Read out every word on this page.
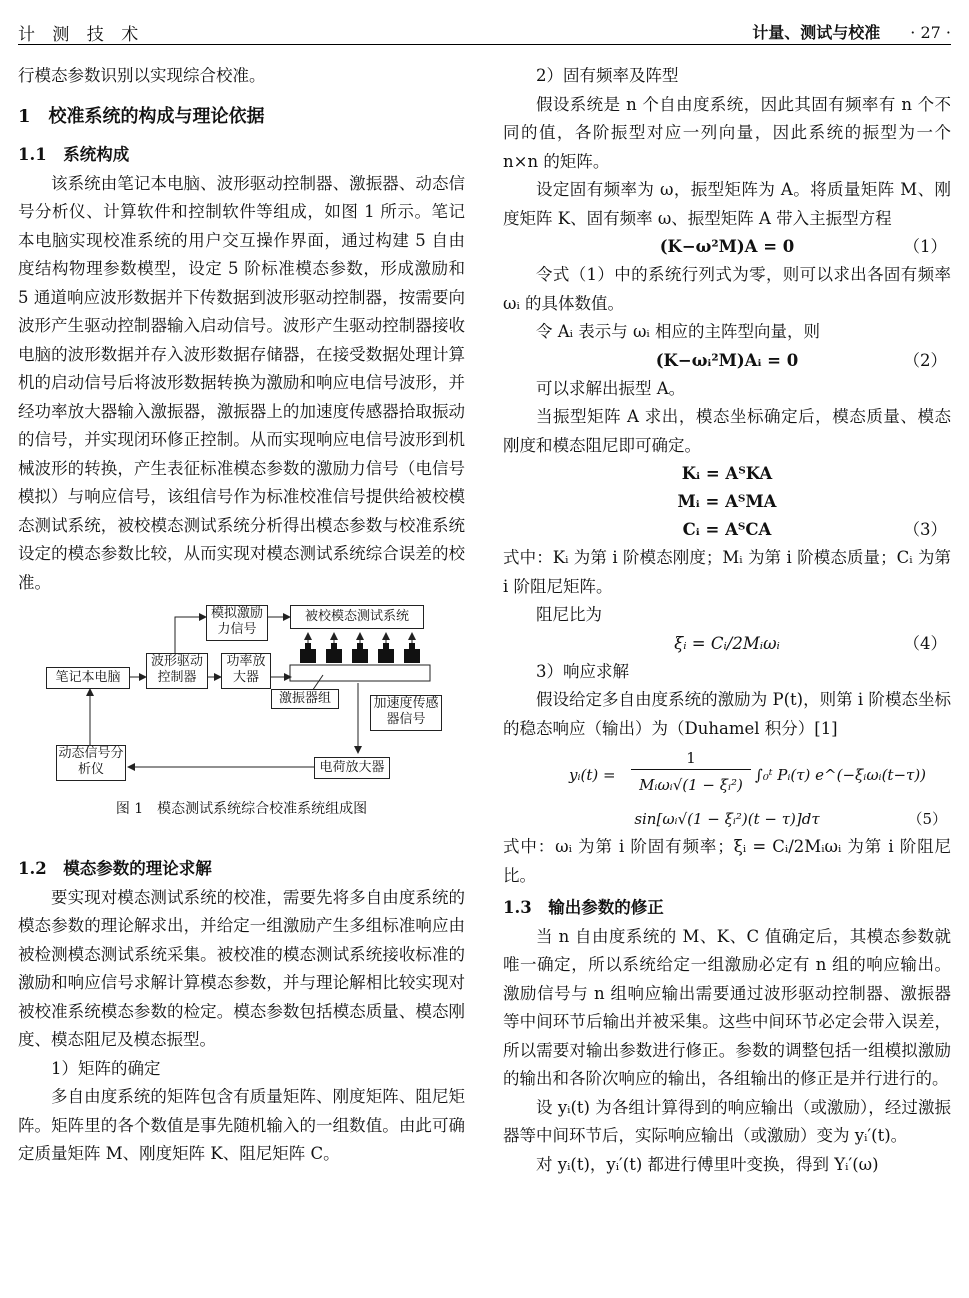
计 测 技 术	计量、测试与校准 · 27 ·

行模态参数识别以实现综合校准。

1　校准系统的构成与理论依据
1.1　系统构成

该系统由笔记本电脑、波形驱动控制器、激振器、动态信号分析仪、计算软件和控制软件等组成，如图 1 所示。笔记本电脑实现校准系统的用户交互操作界面，通过构建 5 自由度结构物理参数模型，设定 5 阶标准模态参数，形成激励和 5 通道响应波形数据并下传数据到波形驱动控制器，按需要向波形产生驱动控制器输入启动信号。波形产生驱动控制器接收电脑的波形数据并存入波形数据存储器，在接受数据处理计算机的启动信号后将波形数据转换为激励和响应电信号波形，并经功率放大器输入激振器，激振器上的加速度传感器拾取振动的信号，并实现闭环修正控制。从而实现响应电信号波形到机械波形的转换，产生表征标准模态参数的激励力信号（电信号模拟）与响应信号，该组信号作为标准校准信号提供给被校模态测试系统，被校模态测试系统分析得出模态参数与校准系统设定的模态参数比较，从而实现对模态测试系统综合误差的校准。

笔记本电脑
波形驱动控制器
模拟激励力信号
被校模态测试系统
功率放大器
激振器组	加速度传感器信号
动态信号分析仪	电荷放大器
图 1　模态测试系统综合校准系统组成图
1.2　模态参数的理论求解

要实现对模态测试系统的校准，需要先将多自由度系统的模态参数的理论解求出，并给定一组激励产生多组标准响应由被检测模态测试系统采集。被校准的模态测试系统接收标准的激励和响应信号求解计算模态参数，并与理论解相比较实现对被校准系统模态参数的检定。模态参数包括模态质量、模态刚度、模态阻尼及模态振型。

1）矩阵的确定

多自由度系统的矩阵包含有质量矩阵、刚度矩阵、阻尼矩阵。矩阵里的各个数值是事先随机输入的一组数值。由此可确定质量矩阵 M、刚度矩阵 K、阻尼矩阵 C。

2）固有频率及阵型

假设系统是 n 个自由度系统，因此其固有频率有 n 个不同的值，各阶振型对应一列向量，因此系统的振型为一个 n×n 的矩阵。

设定固有频率为 ω，振型矩阵为 A。将质量矩阵 M、刚度矩阵 K、固有频率 ω、振型矩阵 A 带入主振型方程

(K−ω²M)A = 0	（1）

令式（1）中的系统行列式为零，则可以求出各固有频率 ωᵢ 的具体数值。

令 Aᵢ 表示与 ωᵢ 相应的主阵型向量，则

(K−ωᵢ²M)Aᵢ = 0	（2）

可以求解出振型 A。

当振型矩阵 A 求出，模态坐标确定后，模态质量、模态刚度和模态阻尼即可确定。

Kᵢ = AᵀKA
Mᵢ = AᵀMA
Cᵢ = AᵀCA	（3）

式中：Kᵢ 为第 i 阶模态刚度；Mᵢ 为第 i 阶模态质量；Cᵢ 为第 i 阶阻尼矩阵。

阻尼比为

ξᵢ = Cᵢ/2Mᵢωᵢ	（4）

3）响应求解

假设给定多自由度系统的激励为 P(t)，则第 i 阶模态坐标的稳态响应（输出）为（Duhamel 积分）[1]

yᵢ(t) =
1
Mᵢωᵢ√(1 − ξᵢ²)
∫₀ᵗ Pᵢ(τ) e^(−ξᵢωᵢ(t−τ))
sin[ωᵢ√(1 − ξᵢ²)(t − τ)]dτ	（5）

式中：ωᵢ 为第 i 阶固有频率；ξᵢ = Cᵢ/2Mᵢωᵢ 为第 i 阶阻尼比。

1.3　输出参数的修正

当 n 自由度系统的 M、K、C 值确定后，其模态参数就唯一确定，所以系统给定一组激励必定有 n 组的响应输出。激励信号与 n 组响应输出需要通过波形驱动控制器、激振器等中间环节后输出并被采集。这些中间环节必定会带入误差，所以需要对输出参数进行修正。参数的调整包括一组模拟激励的输出和各阶次响应的输出，各组输出的修正是并行进行的。

设 yᵢ(t) 为各组计算得到的响应输出（或激励），经过激振器等中间环节后，实际响应输出（或激励）变为 yᵢ′(t)。

对 yᵢ(t)，yᵢ′(t) 都进行傅里叶变换，得到 Yᵢ′(ω)
